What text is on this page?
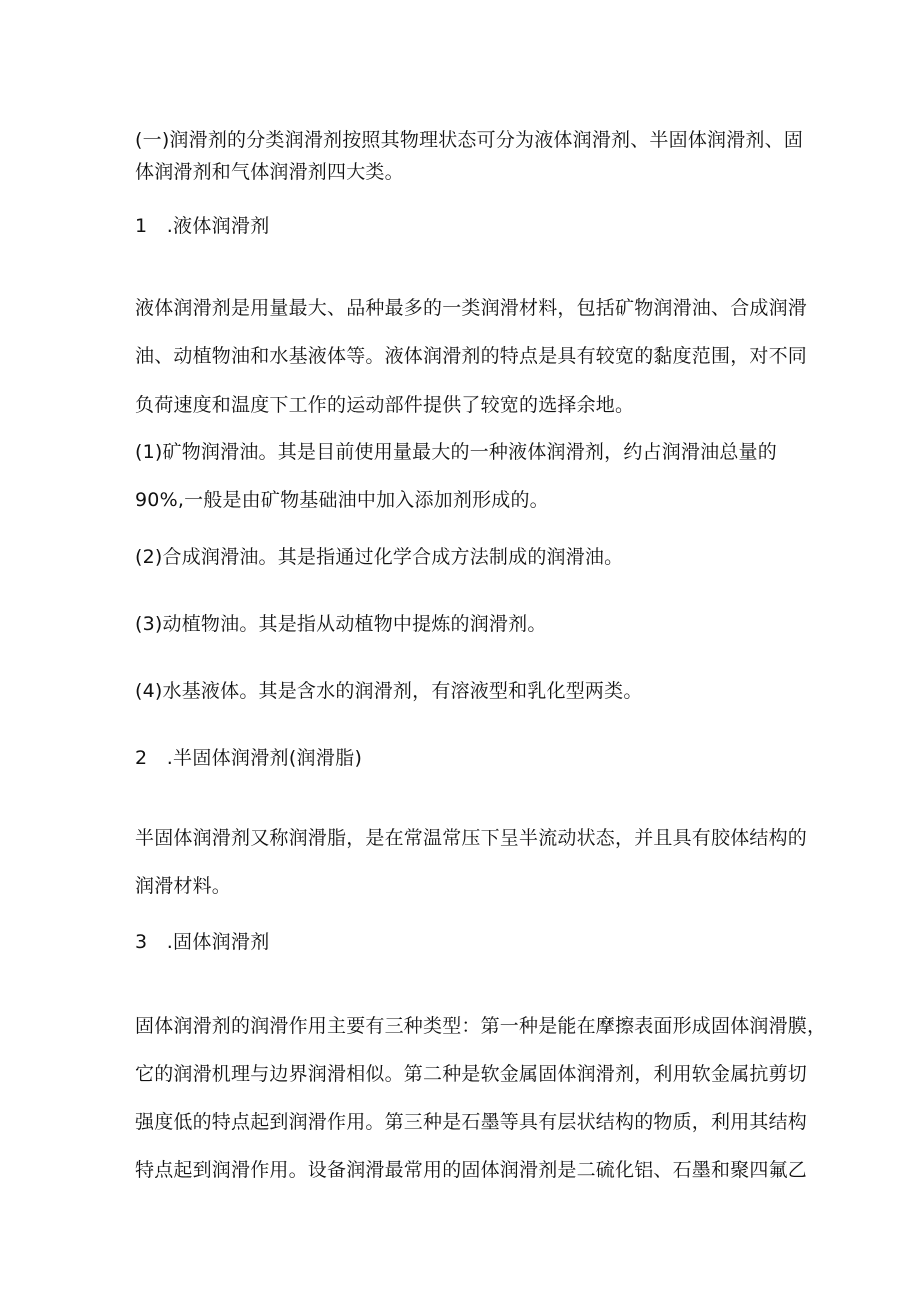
(一)润滑剂的分类润滑剂按照其物理状态可分为液体润滑剂、半固体润滑剂、固
体润滑剂和气体润滑剂四大类。
1　.液体润滑剂
液体润滑剂是用量最大、品种最多的一类润滑材料，包括矿物润滑油、合成润滑
油、动植物油和水基液体等。液体润滑剂的特点是具有较宽的黏度范围，对不同
负荷速度和温度下工作的运动部件提供了较宽的选择余地。
(1)矿物润滑油。其是目前使用量最大的一种液体润滑剂，约占润滑油总量的
90%,一般是由矿物基础油中加入添加剂形成的。
(2)合成润滑油。其是指通过化学合成方法制成的润滑油。
(3)动植物油。其是指从动植物中提炼的润滑剂。
(4)水基液体。其是含水的润滑剂，有溶液型和乳化型两类。
2　.半固体润滑剂(润滑脂)
半固体润滑剂又称润滑脂，是在常温常压下呈半流动状态，并且具有胶体结构的
润滑材料。
3　.固体润滑剂
固体润滑剂的润滑作用主要有三种类型：第一种是能在摩擦表面形成固体润滑膜，
它的润滑机理与边界润滑相似。第二种是软金属固体润滑剂，利用软金属抗剪切
强度低的特点起到润滑作用。第三种是石墨等具有层状结构的物质，利用其结构
特点起到润滑作用。设备润滑最常用的固体润滑剂是二硫化铝、石墨和聚四氟乙
